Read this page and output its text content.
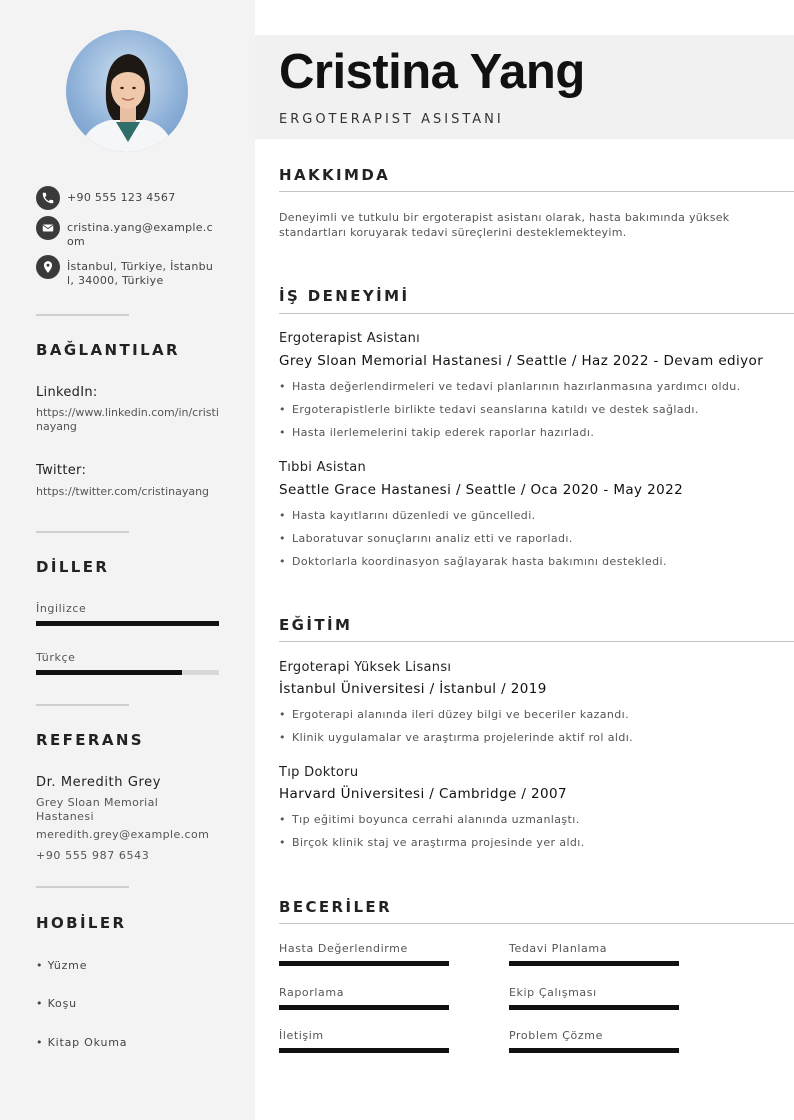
+90 555 123 4567
cristina.yang@example.com
İstanbul, Türkiye, İstanbul, 34000, Türkiye
BAĞLANTILAR
LinkedIn:
https://www.linkedin.com/in/cristinayang
Twitter:
https://twitter.com/cristinayang
DİLLER
İngilizce
Türkçe
REFERANS
Dr. Meredith Grey
Grey Sloan Memorial Hastanesi
meredith.grey@example.com
+90 555 987 6543
HOBİLER
• Yüzme
• Koşu
• Kitap Okuma
Cristina Yang
ERGOTERAPIST ASISTANI
HAKKIMDA
Deneyimli ve tutkulu bir ergoterapist asistanı olarak, hasta bakımında yüksek standartları koruyarak tedavi süreçlerini desteklemekteyim.
İŞ DENEYİMİ
Ergoterapist Asistanı
Grey Sloan Memorial Hastanesi / Seattle / Haz 2022 - Devam ediyor
• Hasta değerlendirmeleri ve tedavi planlarının hazırlanmasına yardımcı oldu.
• Ergoterapistlerle birlikte tedavi seanslarına katıldı ve destek sağladı.
• Hasta ilerlemelerini takip ederek raporlar hazırladı.
Tıbbi Asistan
Seattle Grace Hastanesi / Seattle / Oca 2020 - May 2022
• Hasta kayıtlarını düzenledi ve güncelledi.
• Laboratuvar sonuçlarını analiz etti ve raporladı.
• Doktorlarla koordinasyon sağlayarak hasta bakımını destekledi.
EĞİTİM
Ergoterapi Yüksek Lisansı
İstanbul Üniversitesi / İstanbul / 2019
• Ergoterapi alanında ileri düzey bilgi ve beceriler kazandı.
• Klinik uygulamalar ve araştırma projelerinde aktif rol aldı.
Tıp Doktoru
Harvard Üniversitesi / Cambridge / 2007
• Tıp eğitimi boyunca cerrahi alanında uzmanlaştı.
• Birçok klinik staj ve araştırma projesinde yer aldı.
BECERİLER
Hasta Değerlendirme	Tedavi Planlama
Raporlama	Ekip Çalışması
İletişim	Problem Çözme
